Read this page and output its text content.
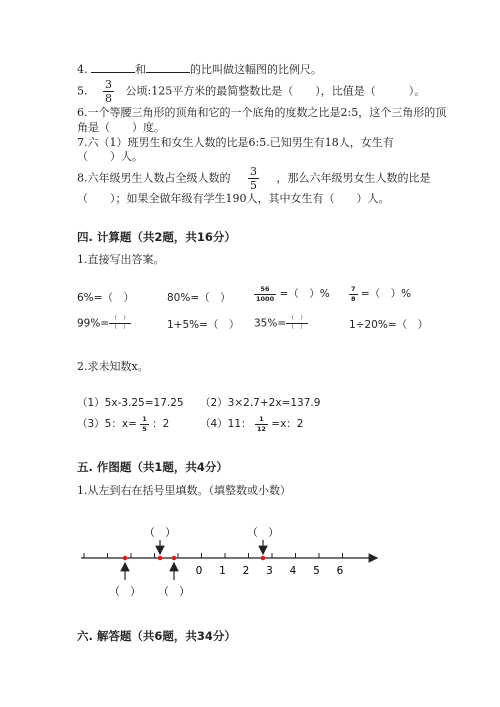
4.	和	的比叫做这幅图的比例尺。
5. $\frac{3}{8}$ 公顷:125平方米的最简整数比是（　　），比值是（　　　）。
6.一个等腰三角形的顶角和它的一个底角的度数之比是2:5，这个三角形的顶
角是（　　）度。
7.六（1）班男生和女生人数的比是6:5.已知男生有18人，女生有
（　　）人。
8.六年级男生人数占全级人数的 $\frac{3}{5}$ ，那么六年级男女生人数的比是
（　　）；如果全做年级有学生190人，其中女生有（　　）人。
四. 计算题（共2题，共16分）
1.直接写出答案。
6%=（　）	80%=（　）	$\frac{56}{1000}$ =（　）%	$\frac{7}{8}$ =（　）%
$99\%= \frac{( )}{( )}$	1+5%=（　） $35\%= \frac{( )}{( )}$	1÷20%=（　）
2.求未知数x。
（1）5x-3.25=17.25 （2）3×2.7+2x=137.9
（3）5：$x= \frac{1}{5}$ ：2	（4）11： $\frac{1}{12} =x$：2
五. 作图题（共1题，共4分）
1.从左到右在括号里填数。（填整数或小数）
0 1 2 3 4 5 6
（　）	（　）
（　） （　）
六. 解答题（共6题，共34分）
